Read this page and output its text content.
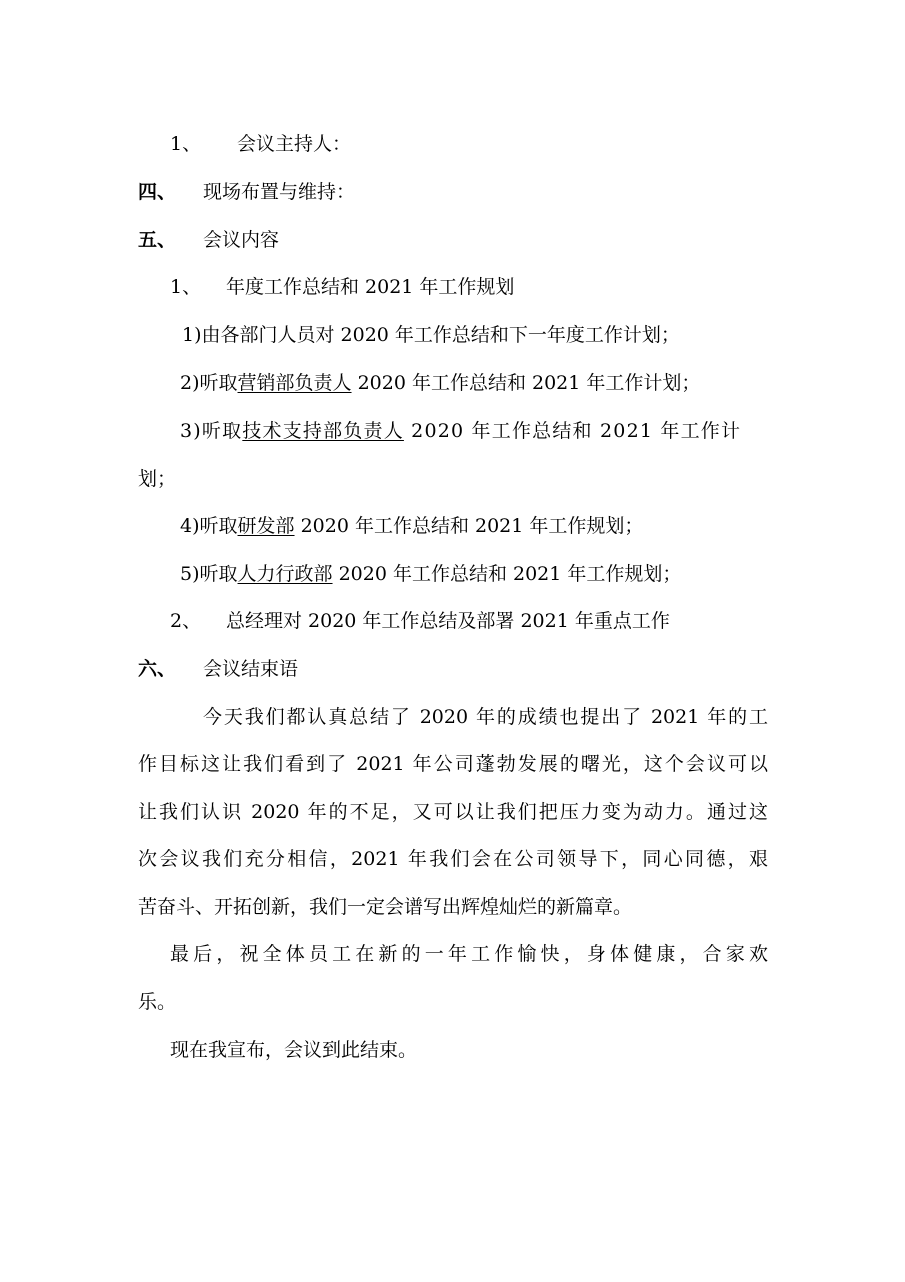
1、 会议主持人：
四、 现场布置与维持：
五、 会议内容
1、 年度工作总结和 2021 年工作规划
1)由各部门人员对 2020 年工作总结和下一年度工作计划；
2)听取营销部负责人 2020 年工作总结和 2021 年工作计划；
3)听取技术支持部负责人 2020 年工作总结和 2021 年工作计
划；
4)听取研发部 2020 年工作总结和 2021 年工作规划；
5)听取人力行政部 2020 年工作总结和 2021 年工作规划；
2、 总经理对 2020 年工作总结及部署 2021 年重点工作
六、 会议结束语
今天我们都认真总结了 2020 年的成绩也提出了 2021 年的工
作目标这让我们看到了 2021 年公司蓬勃发展的曙光，这个会议可以
让我们认识 2020 年的不足，又可以让我们把压力变为动力。通过这
次会议我们充分相信，2021 年我们会在公司领导下，同心同德，艰
苦奋斗、开拓创新，我们一定会谱写出辉煌灿烂的新篇章。
最后，祝全体员工在新的一年工作愉快，身体健康，合家欢
乐。
现在我宣布，会议到此结束。
